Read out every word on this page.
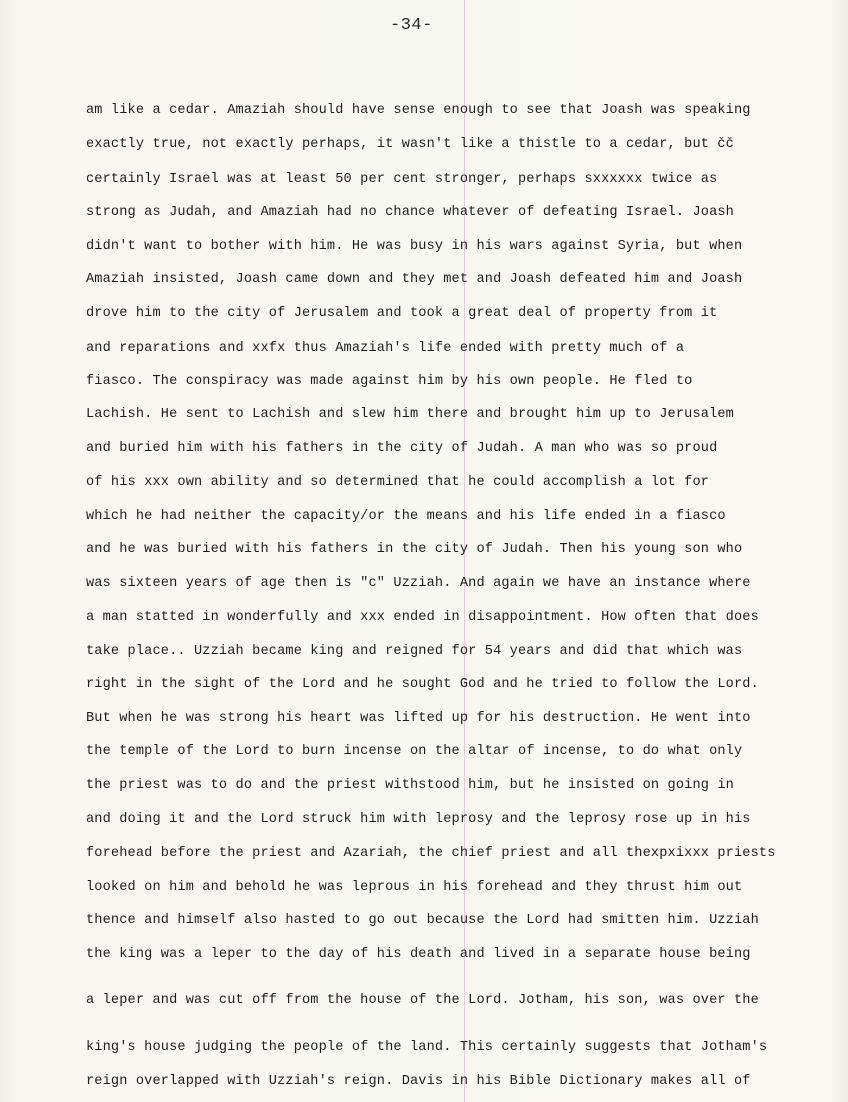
-34-
am like a cedar. Amaziah should have sense enough to see that Joash was speaking
exactly true, not exactly perhaps, it wasn't like a thistle to a cedar, but čč
certainly Israel was at least 50 per cent stronger, perhaps sxxxxxx twice as
strong as Judah, and Amaziah had no chance whatever of defeating Israel. Joash
didn't want to bother with him. He was busy in his wars against Syria, but when
Amaziah insisted, Joash came down and they met and Joash defeated him and Joash
drove him to the city of Jerusalem and took a great deal of property from it
and reparations and xxfx thus Amaziah's life ended with pretty much of a
fiasco. The conspiracy was made against him by his own people. He fled to
Lachish. He sent to Lachish and slew him there and brought him up to Jerusalem
and buried him with his fathers in the city of Judah. A man who was so proud
of his xxx own ability and so determined that he could accomplish a lot for
which he had neither the capacity/or the means and his life ended in a fiasco
and he was buried with his fathers in the city of Judah. Then his young son who
was sixteen years of age then is "c" Uzziah. And again we have an instance where
a man statted in wonderfully and xxx ended in disappointment. How often that does
take place.. Uzziah became king and reigned for 54 years and did that which was
right in the sight of the Lord and he sought God and he tried to follow the Lord.
But when he was strong his heart was lifted up for his destruction. He went into
the temple of the Lord to burn incense on the altar of incense, to do what only
the priest was to do and the priest withstood him, but he insisted on going in
and doing it and the Lord struck him with leprosy and the leprosy rose up in his
forehead before the priest and Azariah, the chief priest and all thexpxixxx priests
looked on him and behold he was leprous in his forehead and they thrust him out
thence and himself also hasted to go out because the Lord had smitten him. Uzziah
the king was a leper to the day of his death and lived in a separate house being
a leper and was cut off from the house of the Lord. Jotham, his son, was over the
king's house judging the people of the land. This certainly suggests that Jotham's
reign overlapped with Uzziah's reign. Davis in his Bible Dictionary makes all of
